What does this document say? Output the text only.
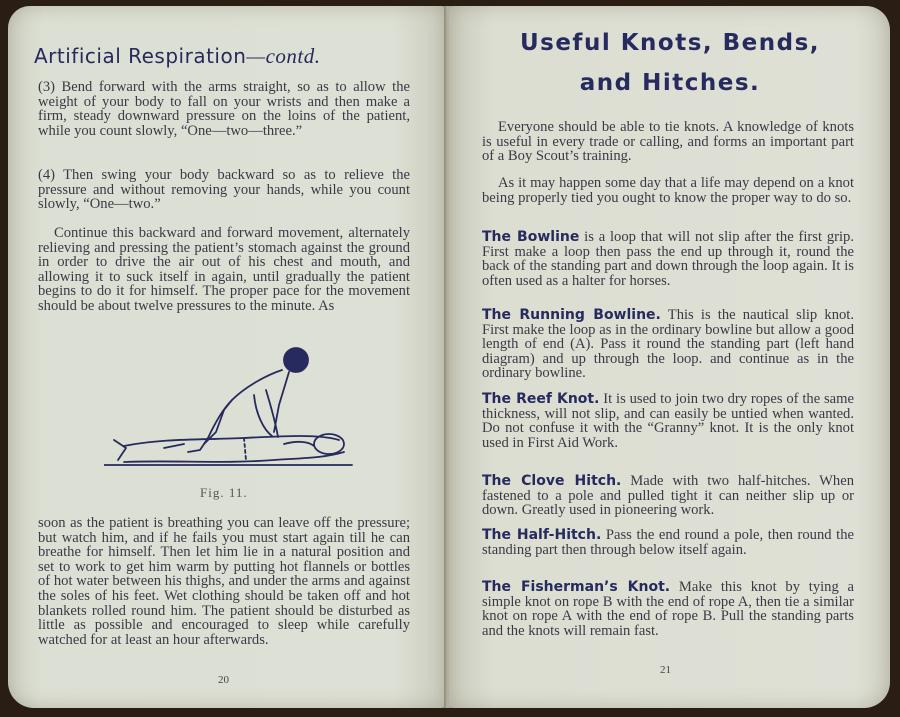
Artificial Respiration—contd.
(3) Bend forward with the arms straight, so as to allow the weight of your body to fall on your wrists and then make a firm, steady downward pressure on the loins of the patient, while you count slowly, “One—two—three.”
(4) Then swing your body backward so as to relieve the pressure and without removing your hands, while you count slowly, “One—two.”
Continue this backward and forward movement, alternately relieving and pressing the patient’s stomach against the ground in order to drive the air out of his chest and mouth, and allowing it to suck itself in again, until gradually the patient begins to do it for himself. The proper pace for the movement should be about twelve pressures to the minute. As
Fig. 11.
soon as the patient is breathing you can leave off the pressure; but watch him, and if he fails you must start again till he can breathe for himself. Then let him lie in a natural position and set to work to get him warm by putting hot flannels or bottles of hot water between his thighs, and under the arms and against the soles of his feet. Wet clothing should be taken off and hot blankets rolled round him. The patient should be disturbed as little as possible and encouraged to sleep while carefully watched for at least an hour afterwards.
20
Useful Knots, Bends,
and Hitches.
Everyone should be able to tie knots. A knowledge of knots is useful in every trade or calling, and forms an important part of a Boy Scout’s training.
As it may happen some day that a life may depend on a knot being properly tied you ought to know the proper way to do so.
The Bowline is a loop that will not slip after the first grip. First make a loop then pass the end up through it, round the back of the standing part and down through the loop again. It is often used as a halter for horses.
The Running Bowline. This is the nautical slip knot. First make the loop as in the ordinary bowline but allow a good length of end (A). Pass it round the standing part (left hand diagram) and up through the loop. and continue as in the ordinary bowline.
The Reef Knot. It is used to join two dry ropes of the same thickness, will not slip, and can easily be untied when wanted. Do not confuse it with the “Granny” knot. It is the only knot used in First Aid Work.
The Clove Hitch. Made with two half-hitches. When fastened to a pole and pulled tight it can neither slip up or down. Greatly used in pioneering work.
The Half-Hitch. Pass the end round a pole, then round the standing part then through below itself again.
The Fisherman’s Knot. Make this knot by tying a simple knot on rope B with the end of rope A, then tie a similar knot on rope A with the end of rope B. Pull the standing parts and the knots will remain fast.
21
